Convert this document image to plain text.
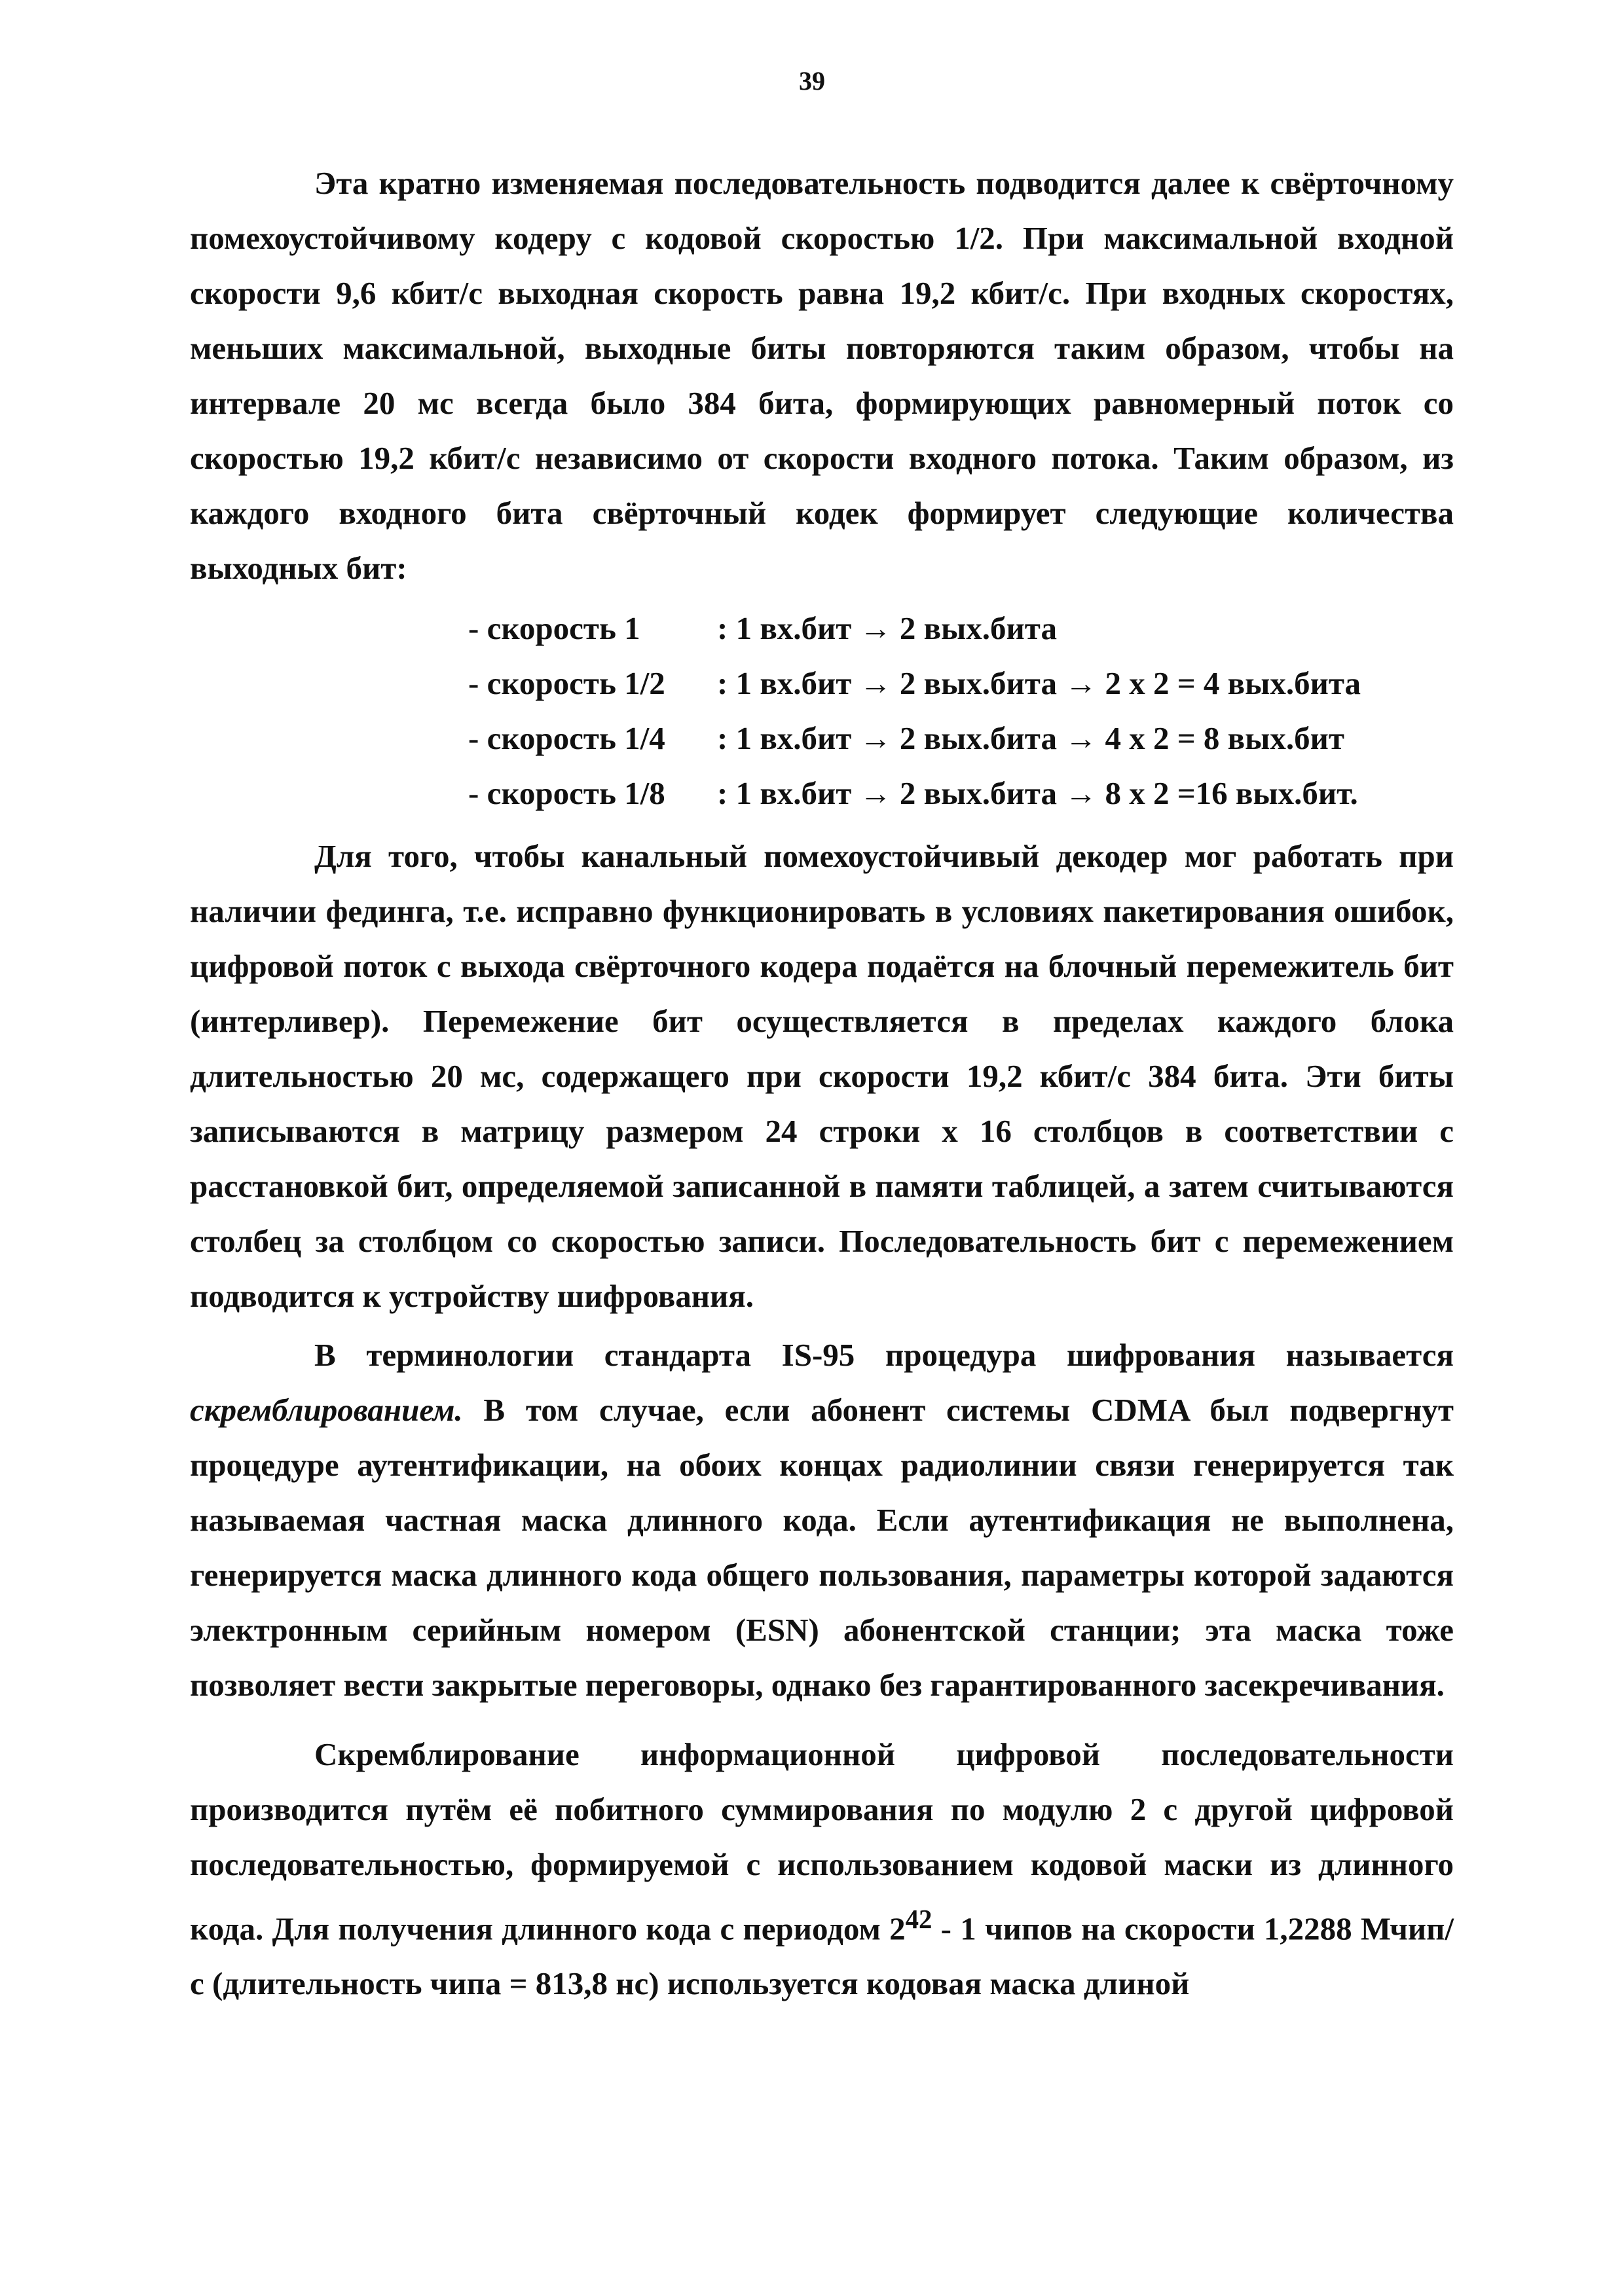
39

Эта кратно изменяемая последовательность подводится далее к свёрточному помехоустойчивому кодеру с кодовой скоростью 1/2. При максимальной входной скорости 9,6 кбит/с выходная скорость равна 19,2 кбит/с. При входных скоростях, меньших максимальной, выходные биты повторяются таким образом, чтобы на интервале 20 мс всегда было 384 бита, формирующих равномерный поток со скоростью 19,2 кбит/с независимо от скорости входного потока. Таким образом, из каждого входного бита свёрточный кодек формирует следующие количества выходных бит:

- скорость 1	: 1 вх.бит → 2 вых.бита
- скорость 1/2	: 1 вх.бит → 2 вых.бита → 2 х 2 = 4 вых.бита
- скорость 1/4	: 1 вх.бит → 2 вых.бита → 4 х 2 = 8 вых.бит
- скорость 1/8	: 1 вх.бит → 2 вых.бита → 8 х 2 =16 вых.бит.

Для того, чтобы канальный помехоустойчивый декодер мог работать при наличии фединга, т.е. исправно функционировать в условиях пакетирования ошибок, цифровой поток с выхода свёрточного кодера подаётся на блочный перемежитель бит (интерливер). Перемежение бит осуществляется в пределах каждого блока длительностью 20 мс, содержащего при скорости 19,2 кбит/с 384 бита. Эти биты записываются в матрицу размером 24 строки х 16 столбцов в соответствии с расстановкой бит, определяемой записанной в памяти таблицей, а затем считываются столбец за столбцом со скоростью записи. Последовательность бит с перемежением подводится к устройству шифрования.

В терминологии стандарта IS-95 процедура шифрования называется скремблированием. В том случае, если абонент системы CDMA был подвергнут процедуре аутентификации, на обоих концах радиолинии связи генерируется так называемая частная маска длинного кода. Если аутентификация не выполнена, генерируется маска длинного кода общего пользования, параметры которой задаются электронным серийным номером (ESN) абонентской станции; эта маска тоже позволяет вести закрытые переговоры, однако без гарантированного засекречивания.

Скремблирование информационной цифровой последовательности производится путём её побитного суммирования по модулю 2 с другой цифровой последовательностью, формируемой с использованием кодовой маски из длинного кода. Для получения длинного кода с периодом $2^{42} - 1$ чипов на скорости 1,2288 Мчип/с (длительность чипа = 813,8 нс) используется кодовая маска длиной
